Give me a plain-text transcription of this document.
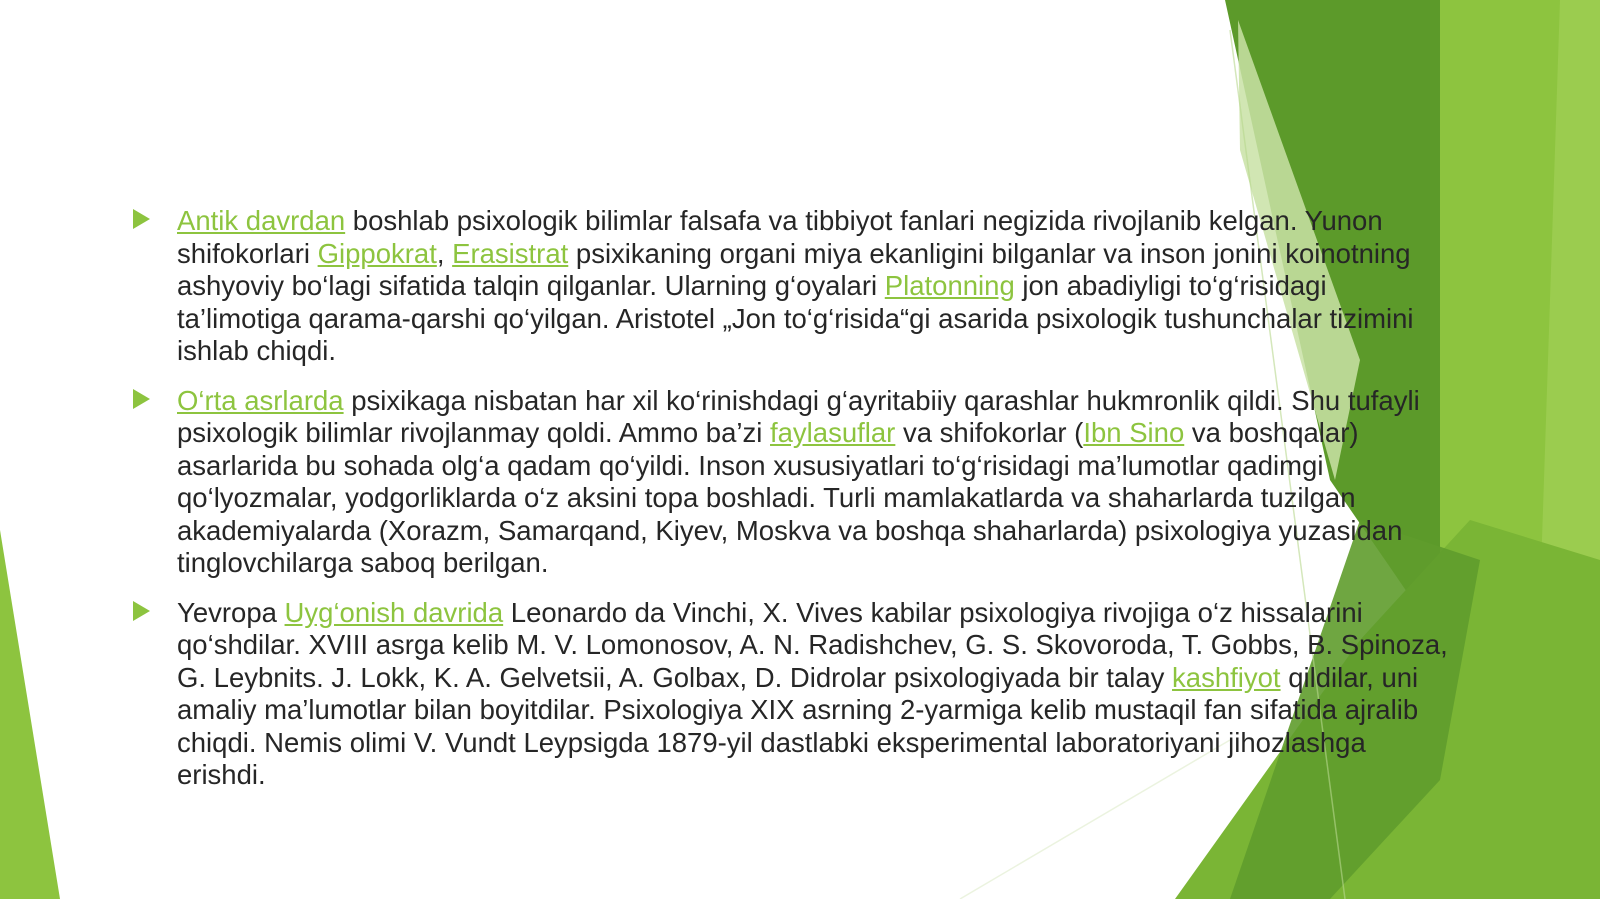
Antik davrdan boshlab psixologik bilimlar falsafa va tibbiyot fanlari negizida rivojlanib kelgan. Yunon shifokorlari Gippokrat, Erasistrat psixikaning organi miya ekanligini bilganlar va inson jonini koinotning ashyoviy bo‘lagi sifatida talqin qilganlar. Ularning g‘oyalari Platonning jon abadiyligi to‘g‘risidagi ta’limotiga qarama-qarshi qo‘yilgan. Aristotel „Jon to‘g‘risida“gi asarida psixologik tushunchalar tizimini ishlab chiqdi.
O‘rta asrlarda psixikaga nisbatan har xil ko‘rinishdagi g‘ayritabiiy qarashlar hukmronlik qildi. Shu tufayli psixologik bilimlar rivojlanmay qoldi. Ammo ba’zi faylasuflar va shifokorlar (Ibn Sino va boshqalar) asarlarida bu sohada olg‘a qadam qo‘yildi. Inson xususiyatlari to‘g‘risidagi ma’lumotlar qadimgi qo‘lyozmalar, yodgorliklarda o‘z aksini topa boshladi. Turli mamlakatlarda va shaharlarda tuzilgan akademiyalarda (Xorazm, Samarqand, Kiyev, Moskva va boshqa shaharlarda) psixologiya yuzasidan tinglovchilarga saboq berilgan.
Yevropa Uyg‘onish davrida Leonardo da Vinchi, X. Vives kabilar psixologiya rivojiga o‘z hissalarini qo‘shdilar. XVIII asrga kelib M. V. Lomonosov, A. N. Radishchev, G. S. Skovoroda, T. Gobbs, B. Spinoza, G. Leybnits. J. Lokk, K. A. Gelvetsii, A. Golbax, D. Didrolar psixologiyada bir talay kashfiyot qildilar, uni amaliy ma’lumotlar bilan boyitdilar. Psixologiya XIX asrning 2-yarmiga kelib mustaqil fan sifatida ajralib chiqdi. Nemis olimi V. Vundt Leypsigda 1879-yil dastlabki eksperimental laboratoriyani jihozlashga erishdi.
